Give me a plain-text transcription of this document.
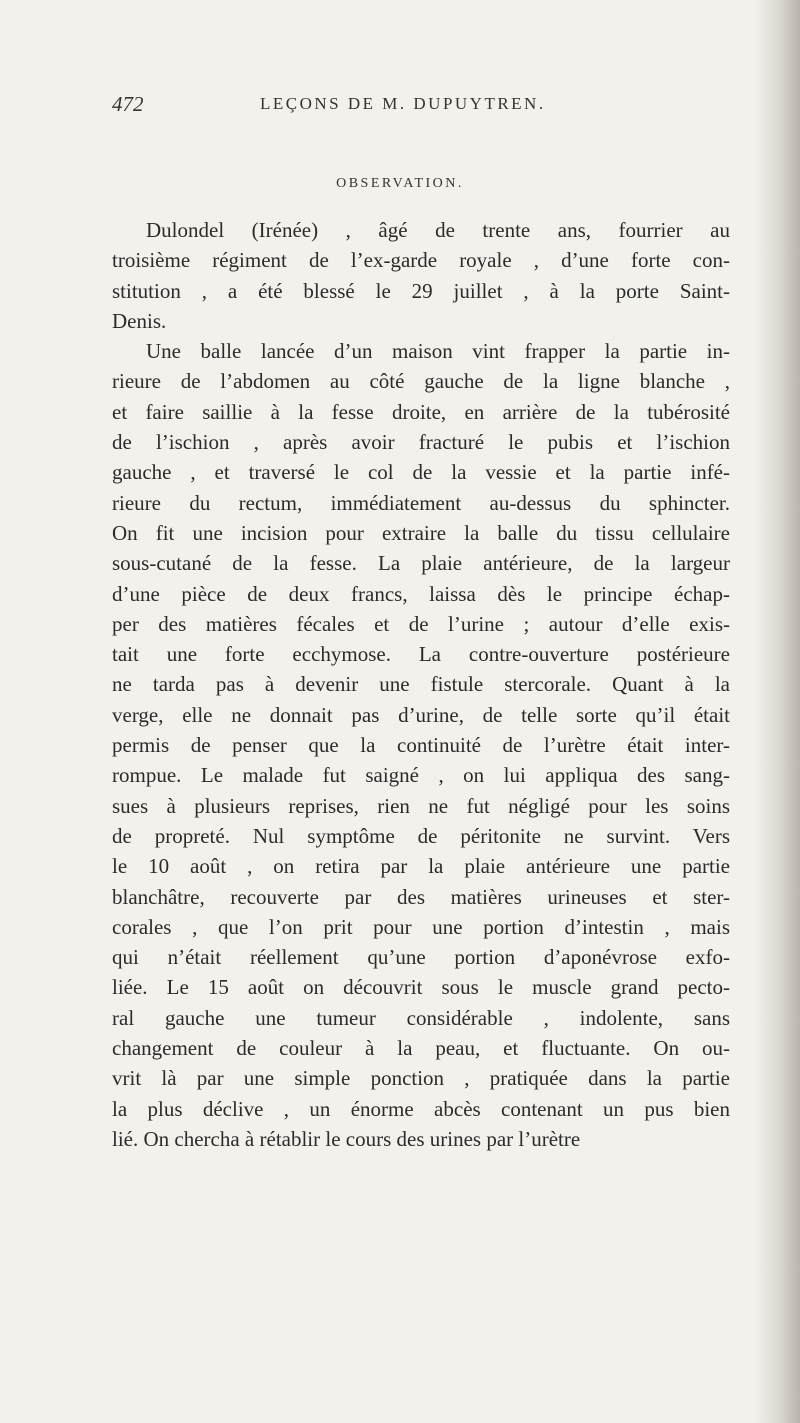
472	LEÇONS DE M. DUPUYTREN.
OBSERVATION.
Dulondel (Irénée) , âgé de trente ans, fourrier au
troisième régiment de l’ex-garde royale , d’une forte con-
stitution , a été blessé le 29 juillet , à la porte Saint-
Denis.
Une balle lancée d’un maison vint frapper la partie in-
rieure de l’abdomen au côté gauche de la ligne blanche ,
et faire saillie à la fesse droite, en arrière de la tubérosité
de l’ischion , après avoir fracturé le pubis et l’ischion
gauche , et traversé le col de la vessie et la partie infé-
rieure du rectum, immédiatement au-dessus du sphincter.
On fit une incision pour extraire la balle du tissu cellulaire
sous-cutané de la fesse. La plaie antérieure, de la largeur
d’une pièce de deux francs, laissa dès le principe échap-
per des matières fécales et de l’urine ; autour d’elle exis-
tait une forte ecchymose. La contre-ouverture postérieure
ne tarda pas à devenir une fistule stercorale. Quant à la
verge, elle ne donnait pas d’urine, de telle sorte qu’il était
permis de penser que la continuité de l’urètre était inter-
rompue. Le malade fut saigné , on lui appliqua des sang-
sues à plusieurs reprises, rien ne fut négligé pour les soins
de propreté. Nul symptôme de péritonite ne survint. Vers
le 10 août , on retira par la plaie antérieure une partie
blanchâtre, recouverte par des matières urineuses et ster-
corales , que l’on prit pour une portion d’intestin , mais
qui n’était réellement qu’une portion d’aponévrose exfo-
liée. Le 15 août on découvrit sous le muscle grand pecto-
ral gauche une tumeur considérable , indolente, sans
changement de couleur à la peau, et fluctuante. On ou-
vrit là par une simple ponction , pratiquée dans la partie
la plus déclive , un énorme abcès contenant un pus bien
lié. On chercha à rétablir le cours des urines par l’urètre
